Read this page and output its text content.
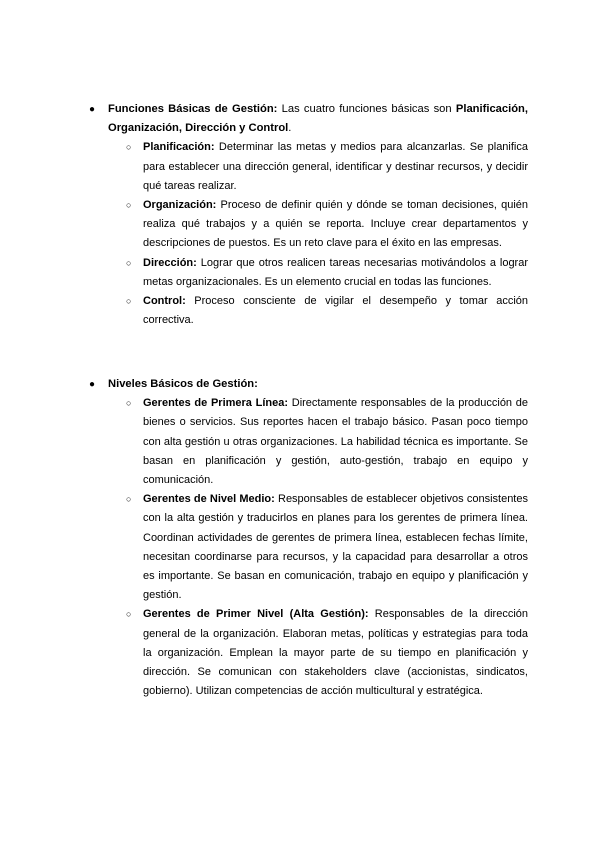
● Funciones Básicas de Gestión: Las cuatro funciones básicas son Planificación, Organización, Dirección y Control.
○ Planificación: Determinar las metas y medios para alcanzarlas. Se planifica para establecer una dirección general, identificar y destinar recursos, y decidir qué tareas realizar.
○ Organización: Proceso de definir quién y dónde se toman decisiones, quién realiza qué trabajos y a quién se reporta. Incluye crear departamentos y descripciones de puestos. Es un reto clave para el éxito en las empresas.
○ Dirección: Lograr que otros realicen tareas necesarias motivándolos a lograr metas organizacionales. Es un elemento crucial en todas las funciones.
○ Control: Proceso consciente de vigilar el desempeño y tomar acción correctiva.
● Niveles Básicos de Gestión:
○ Gerentes de Primera Línea: Directamente responsables de la producción de bienes o servicios. Sus reportes hacen el trabajo básico. Pasan poco tiempo con alta gestión u otras organizaciones. La habilidad técnica es importante. Se basan en planificación y gestión, auto-gestión, trabajo en equipo y comunicación.
○ Gerentes de Nivel Medio: Responsables de establecer objetivos consistentes con la alta gestión y traducirlos en planes para los gerentes de primera línea. Coordinan actividades de gerentes de primera línea, establecen fechas límite, necesitan coordinarse para recursos, y la capacidad para desarrollar a otros es importante. Se basan en comunicación, trabajo en equipo y planificación y gestión.
○ Gerentes de Primer Nivel (Alta Gestión): Responsables de la dirección general de la organización. Elaboran metas, políticas y estrategias para toda la organización. Emplean la mayor parte de su tiempo en planificación y dirección. Se comunican con stakeholders clave (accionistas, sindicatos, gobierno). Utilizan competencias de acción multicultural y estratégica.
